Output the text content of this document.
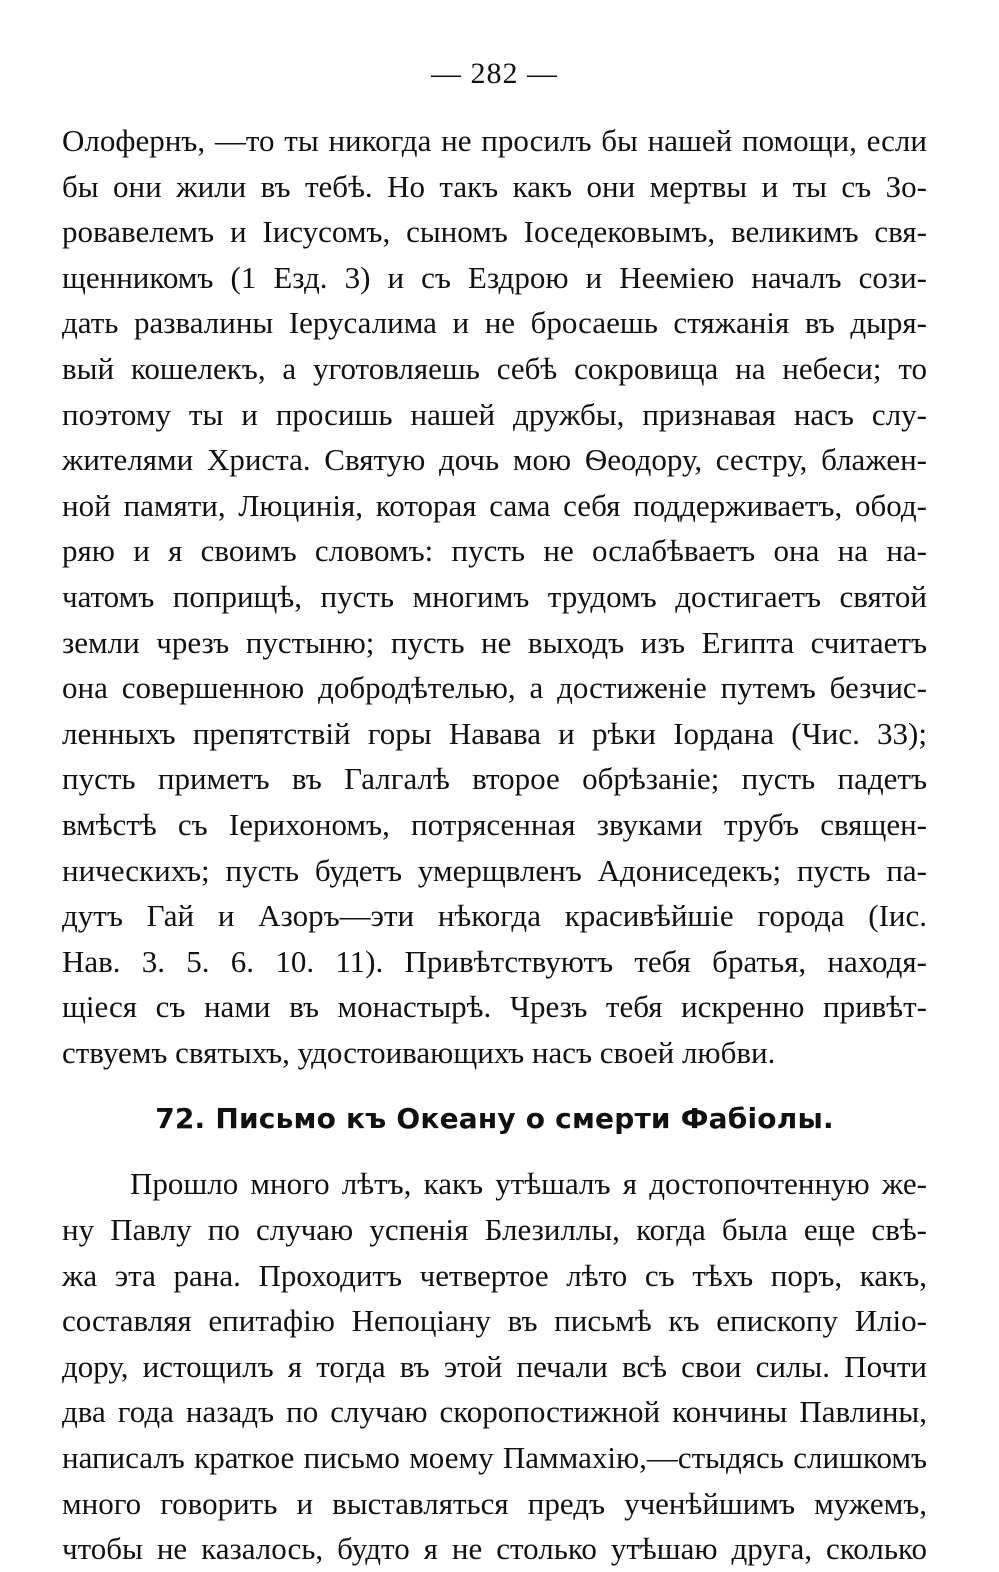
— 282 —

Олофернъ, —то ты никогда не просилъ бы нашей помощи, если
бы они жили въ тебѣ. Но такъ какъ они мертвы и ты съ Зо-
ровавелемъ и Іисусомъ, сыномъ Іоседековымъ, великимъ свя-
щенникомъ (1 Езд. 3) и съ Ездрою и Нееміею началъ сози-
дать развалины Іерусалима и не бросаешь стяжанія въ дыря-
вый кошелекъ, а уготовляешь себѣ сокровища на небеси; то
поэтому ты и просишь нашей дружбы, признавая насъ слу-
жителями Христа. Святую дочь мою Ѳеодору, сестру, блажен-
ной памяти, Люцинія, которая сама себя поддерживаетъ, обод-
ряю и я своимъ словомъ: пусть не ослабѣваетъ она на на-
чатомъ поприщѣ, пусть многимъ трудомъ достигаетъ святой
земли чрезъ пустыню; пусть не выходъ изъ Египта считаетъ
она совершенною добродѣтелью, а достиженіе путемъ безчис-
ленныхъ препятствій горы Навава и рѣки Іордана (Чис. 33);
пусть приметъ въ Галгалѣ второе обрѣзаніе; пусть падетъ
вмѣстѣ съ Іерихономъ, потрясенная звуками трубъ священ-
ническихъ; пусть будетъ умерщвленъ Адониседекъ; пусть па-
дутъ Гай и Азоръ—эти нѣкогда красивѣйшіе города (Іис.
Нав. 3. 5. 6. 10. 11). Привѣтствуютъ тебя братья, находя-
щіеся съ нами въ монастырѣ. Чрезъ тебя искренно привѣт-
ствуемъ святыхъ, удостоивающихъ насъ своей любви.

72. Письмо къ Океану о смерти Фабіолы.

Прошло много лѣтъ, какъ утѣшалъ я достопочтенную же-
ну Павлу по случаю успенія Блезиллы, когда была еще свѣ-
жа эта рана. Проходитъ четвертое лѣто съ тѣхъ поръ, какъ,
составляя епитафію Непоціану въ письмѣ къ епископу Иліо-
дору, истощилъ я тогда въ этой печали всѣ свои силы. Почти
два года назадъ по случаю скоропостижной кончины Павлины,
написалъ краткое письмо моему Паммахію,—стыдясь слишкомъ
много говорить и выставляться предъ ученѣйшимъ мужемъ,
чтобы не казалось, будто я не столько утѣшаю друга, сколько
